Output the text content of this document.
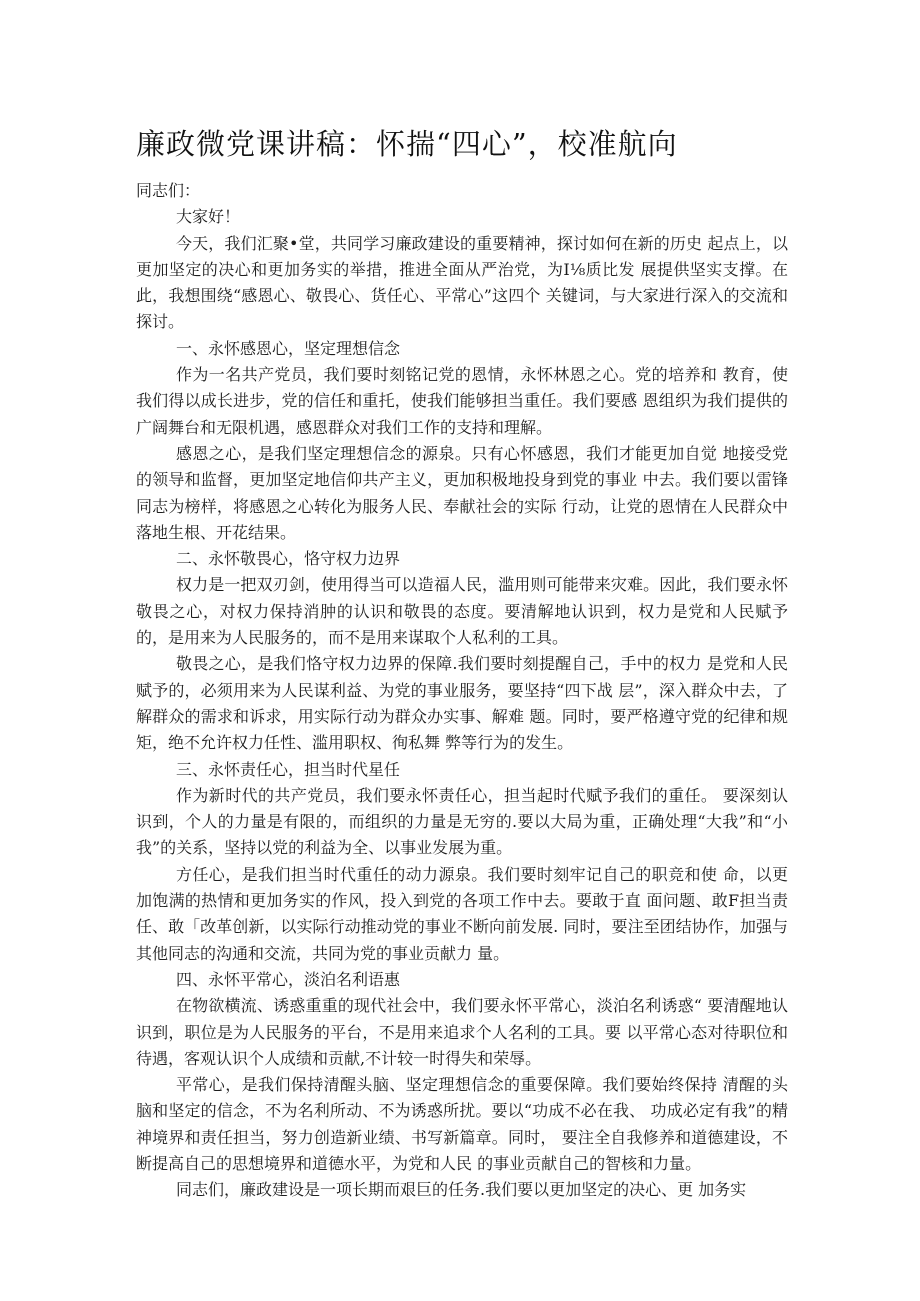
廉政微党课讲稿：怀揣“四心”，校准航向

同志们：

大家好！

今天，我们汇聚•堂，共同学习廉政建设的重要精神，探讨如何在新的历史 起点上，以更加坚定的决心和更加务实的举措，推进全面从严治党，为I⅛质比发 展提供坚实支撑。在此，我想围绕“感恩心、敬畏心、货任心、平常心”这四个 关键词，与大家进行深入的交流和探讨。

一、永怀感恩心，坚定理想信念

作为一名共产党员，我们要时刻铭记党的恩情，永怀林恩之心。党的培养和 教育，使我们得以成长进步，党的信任和重托，使我们能够担当重任。我们要感 恩组织为我们提供的广阔舞台和无限机遇，感恩群众对我们工作的支持和理解。

感恩之心，是我们坚定理想信念的源泉。只有心怀感恩，我们才能更加自觉 地接受党的领导和监督，更加坚定地信仰共产主义，更加积极地投身到党的事业 中去。我们要以雷锋同志为榜样，将感恩之心转化为服务人民、奉献社会的实际 行动，让党的恩情在人民群众中落地生根、开花结果。

二、永怀敬畏心，恪守权力边界

权力是一把双刃剑，使用得当可以造福人民，滥用则可能带来灾难。因此，我们要永怀敬畏之心，对权力保持消肿的认识和敬畏的态度。要清解地认识到，权力是党和人民赋予的，是用来为人民服务的，而不是用来谋取个人私利的工具。

敬畏之心，是我们恪守权力边界的保障.我们要时刻提醒自己，手中的权力 是党和人民赋予的，必须用来为人民谋利益、为党的事业服务，要坚持“四下战 层”，深入群众中去，了解群众的需求和诉求，用实际行动为群众办实事、解难 题。同时，要严格遵守党的纪律和规矩，绝不允许权力任性、滥用职权、徇私舞 弊等行为的发生。

三、永怀责任心，担当时代星任

作为新时代的共产党员，我们要永怀责任心，担当起时代赋予我们的重任。 要深刻认识到，个人的力量是有限的，而组织的力量是无穷的.要以大局为重，正确处理“大我”和“小我”的关系，坚持以党的利益为全、以事业发展为重。

方任心，是我们担当时代重任的动力源泉。我们要时刻牢记自己的职竞和使 命，以更加饱满的热情和更加务实的作风，投入到党的各项工作中去。要敢于直 面问题、敢F担当责任、敢「改革创新，以实际行动推动党的事业不断向前发展. 同时，要注至团结协作，加强与其他同志的沟通和交流，共同为党的事业贡献力 量。

四、永怀平常心，淡泊名利语惠

在物欲横流、诱惑重重的现代社会中，我们要永怀平常心，淡泊名利诱惑“ 要清醒地认识到，职位是为人民服务的平台，不是用来追求个人名利的工具。要 以平常心态对待职位和待遇，客观认识个人成绩和贡献,不计较一时得失和荣辱。

平常心，是我们保持清醒头脑、坚定理想信念的重要保障。我们要始终保持 清醒的头脑和坚定的信念，不为名利所动、不为诱惑所扰。要以“功成不必在我、 功成必定有我”的精神境界和责任担当，努力创造新业绩、书写新篇章。同时， 要注全自我修养和道德建设，不断提高自己的思想境界和道德水平，为党和人民 的事业贡献自己的智核和力量。

同志们，廉政建设是一项长期而艰巨的任务.我们要以更加坚定的决心、更 加务实
